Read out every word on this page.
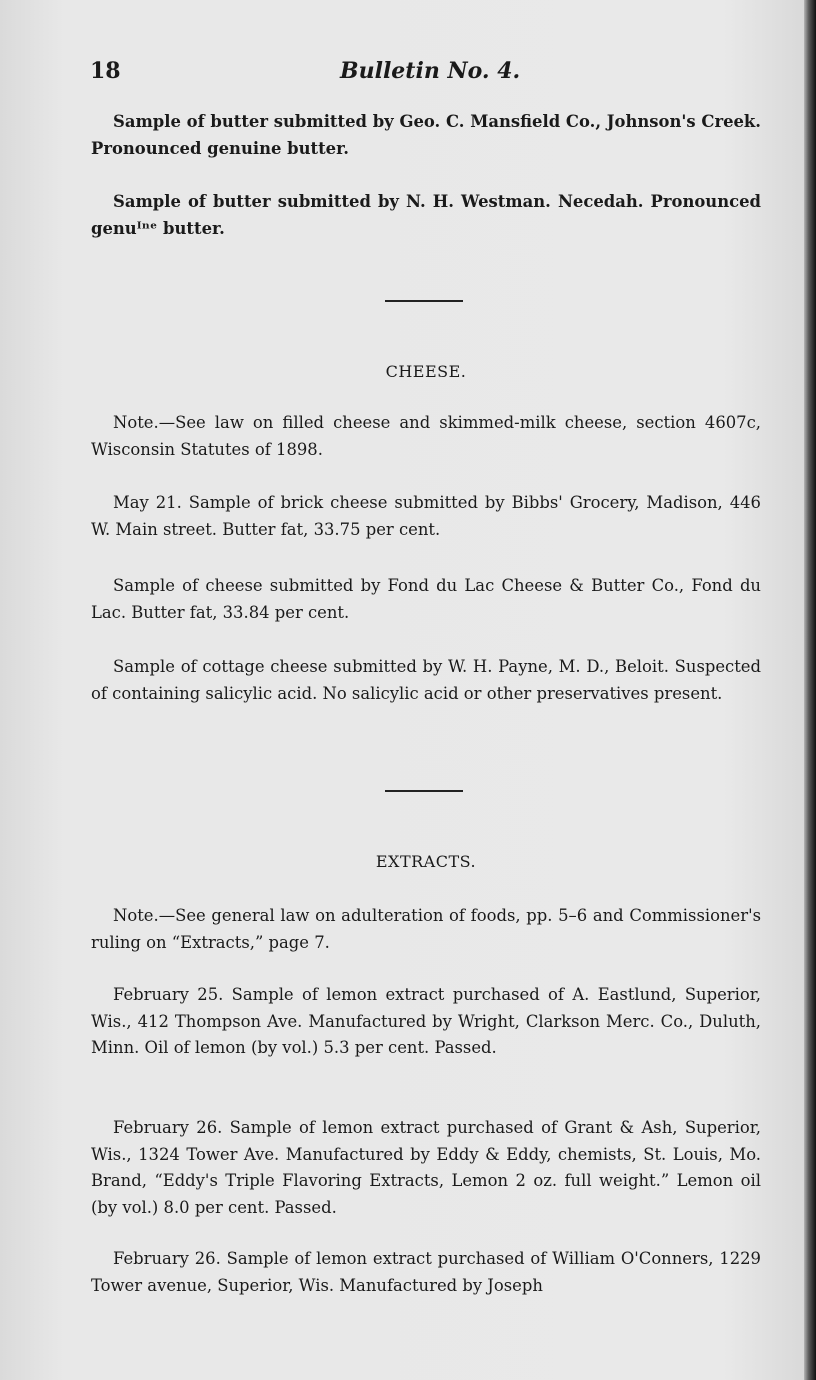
18	Bulletin No. 4.

Sample of butter submitted by Geo. C. Mansfield Co., Johnson's Creek. Pronounced genuine butter.

Sample of butter submitted by N. H. Westman. Necedah. Pronounced genuᴵⁿᵉ butter.

CHEESE.

Note.—See law on filled cheese and skimmed-milk cheese, section 4607c, Wisconsin Statutes of 1898.

May 21. Sample of brick cheese submitted by Bibbs' Grocery, Madison, 446 W. Main street. Butter fat, 33.75 per cent.

Sample of cheese submitted by Fond du Lac Cheese & Butter Co., Fond du Lac. Butter fat, 33.84 per cent.

Sample of cottage cheese submitted by W. H. Payne, M. D., Beloit. Suspected of containing salicylic acid. No salicylic acid or other preservatives present.

EXTRACTS.

Note.—See general law on adulteration of foods, pp. 5–6 and Commissioner's ruling on “Extracts,” page 7.

February 25. Sample of lemon extract purchased of A. Eastlund, Superior, Wis., 412 Thompson Ave. Manufactured by Wright, Clarkson Merc. Co., Duluth, Minn. Oil of lemon (by vol.) 5.3 per cent. Passed.

February 26. Sample of lemon extract purchased of Grant & Ash, Superior, Wis., 1324 Tower Ave. Manufactured by Eddy & Eddy, chemists, St. Louis, Mo. Brand, “Eddy's Triple Flavoring Extracts, Lemon 2 oz. full weight.” Lemon oil (by vol.) 8.0 per cent. Passed.

February 26. Sample of lemon extract purchased of William O'Conners, 1229 Tower avenue, Superior, Wis. Manufactured by Joseph
